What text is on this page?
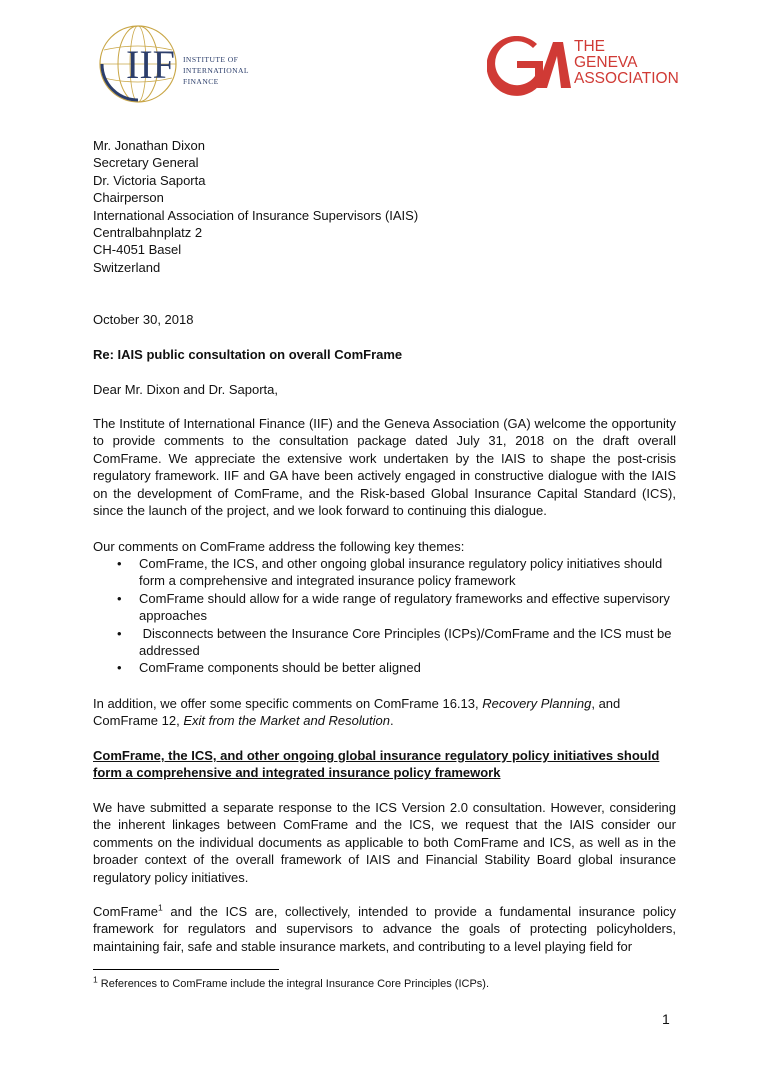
IIF INSTITUTE OF
INTERNATIONAL
FINANCE
THE
GENEVA
ASSOCIATION
Mr. Jonathan Dixon
Secretary General
Dr. Victoria Saporta
Chairperson
International Association of Insurance Supervisors (IAIS)
Centralbahnplatz 2
CH-4051 Basel
Switzerland
October 30, 2018
Re: IAIS public consultation on overall ComFrame
Dear Mr. Dixon and Dr. Saporta,
The Institute of International Finance (IIF) and the Geneva Association (GA) welcome the opportunity to provide comments to the consultation package dated July 31, 2018 on the draft overall ComFrame. We appreciate the extensive work undertaken by the IAIS to shape the post-crisis regulatory framework. IIF and GA have been actively engaged in constructive dialogue with the IAIS on the development of ComFrame, and the Risk-based Global Insurance Capital Standard (ICS), since the launch of the project, and we look forward to continuing this dialogue.
Our comments on ComFrame address the following key themes:
• ComFrame, the ICS, and other ongoing global insurance regulatory policy initiatives should form a comprehensive and integrated insurance policy framework
• ComFrame should allow for a wide range of regulatory frameworks and effective supervisory approaches
• Disconnects between the Insurance Core Principles (ICPs)/ComFrame and the ICS must be addressed
• ComFrame components should be better aligned
In addition, we offer some specific comments on ComFrame 16.13, Recovery Planning, and ComFrame 12, Exit from the Market and Resolution.
ComFrame, the ICS, and other ongoing global insurance regulatory policy initiatives should form a comprehensive and integrated insurance policy framework
We have submitted a separate response to the ICS Version 2.0 consultation. However, considering the inherent linkages between ComFrame and the ICS, we request that the IAIS consider our comments on the individual documents as applicable to both ComFrame and ICS, as well as in the broader context of the overall framework of IAIS and Financial Stability Board global insurance regulatory policy initiatives.
ComFrame$^1$ and the ICS are, collectively, intended to provide a fundamental insurance policy framework for regulators and supervisors to advance the goals of protecting policyholders, maintaining fair, safe and stable insurance markets, and contributing to a level playing field for
$^1$ References to ComFrame include the integral Insurance Core Principles (ICPs).
1
